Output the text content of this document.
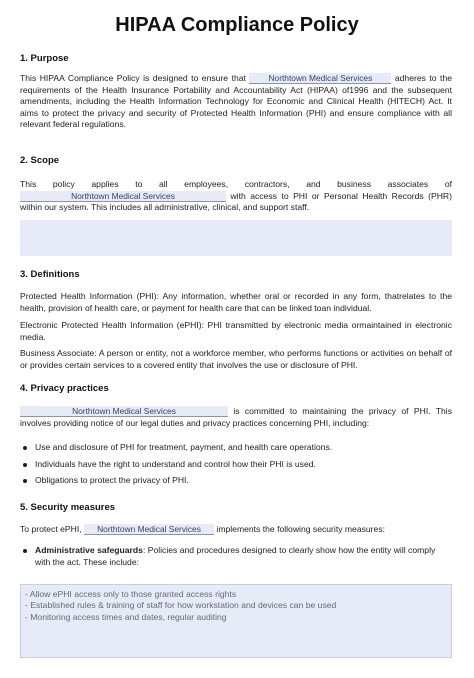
HIPAA Compliance Policy
1. Purpose

This HIPAA Compliance Policy is designed to ensure that	Northtown Medical Services	adheres to the requirements of the Health Insurance Portability and Accountability Act (HIPAA) of1996 and the subsequent amendments, including the Health Information Technology for Economic and Clinical Health (HITECH) Act. It aims to protect the privacy and security of Protected Health Information (PHI) and ensure compliance with all relevant federal regulations.

2. Scope

This policy applies to all employees, contractors, and business associates of Northtown Medical Services	with access to PHI or Personal Health Records (PHR) within our system. This includes all administrative, clinical, and support staff.

3. Definitions

Protected Health Information (PHI): Any information, whether oral or recorded in any form, thatrelates to the health, provision of health care, or payment for health care that can be linked toan individual.

Electronic Protected Health Information (ePHI): PHI transmitted by electronic media ormaintained in electronic media.

Business Associate: A person or entity, not a workforce member, who performs functions or activities on behalf of or provides certain services to a covered entity that involves the use or disclosure of PHI.

4. Privacy practices

Northtown Medical Services	is committed to maintaining the privacy of PHI. This involves providing notice of our legal duties and privacy practices concerning PHI, including:

Use and disclosure of PHI for treatment, payment, and health care operations.
Individuals have the right to understand and control how their PHI is used.
Obligations to protect the privacy of PHI.
5. Security measures

To protect ePHI, Northtown Medical Services implements the following security measures:

Administrative safeguards: Policies and procedures designed to clearly show how the entity will comply with the act. These include:
- Allow ePHI access only to those granted access rights
- Established rules & training of staff for how workstation and devices can be used
- Monitoring access times and dates, regular auditing
